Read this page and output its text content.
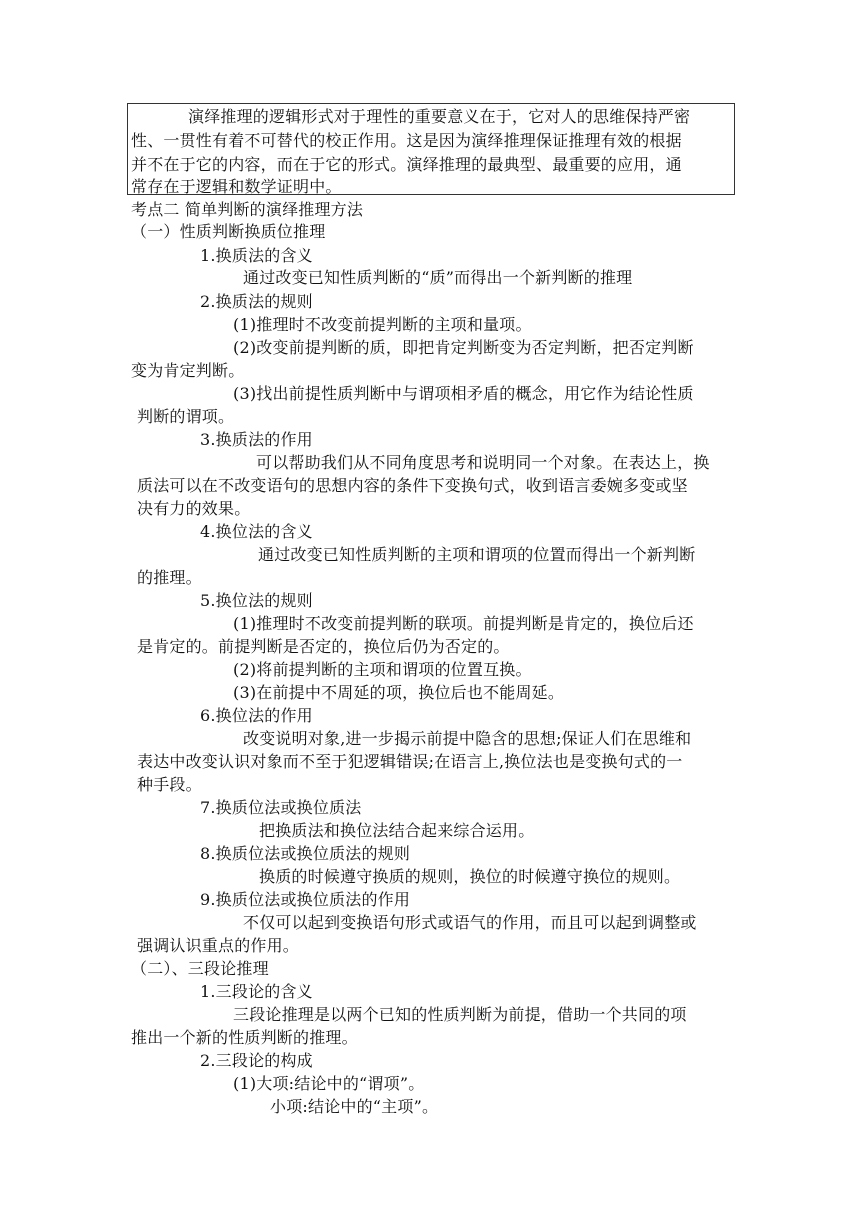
演绎推理的逻辑形式对于理性的重要意义在于，它对人的思维保持严密
性、一贯性有着不可替代的校正作用。这是因为演绎推理保证推理有效的根据
并不在于它的内容，而在于它的形式。演绎推理的最典型、最重要的应用，通
常存在于逻辑和数学证明中。
考点二 简单判断的演绎推理方法
（一）性质判断换质位推理
1.换质法的含义
通过改变已知性质判断的“质”而得出一个新判断的推理
2.换质法的规则
(1)推理时不改变前提判断的主项和量项。
(2)改变前提判断的质，即把肯定判断变为否定判断，把否定判断
变为肯定判断。
(3)找出前提性质判断中与谓项相矛盾的概念，用它作为结论性质
判断的谓项。
3.换质法的作用
可以帮助我们从不同角度思考和说明同一个对象。在表达上，换
质法可以在不改变语句的思想内容的条件下变换句式，收到语言委婉多变或坚
决有力的效果。
4.换位法的含义
通过改变已知性质判断的主项和谓项的位置而得出一个新判断
的推理。
5.换位法的规则
(1)推理时不改变前提判断的联项。前提判断是肯定的，换位后还
是肯定的。前提判断是否定的，换位后仍为否定的。
(2)将前提判断的主项和谓项的位置互换。
(3)在前提中不周延的项，换位后也不能周延。
6.换位法的作用
改变说明对象,进一步揭示前提中隐含的思想;保证人们在思维和
表达中改变认识对象而不至于犯逻辑错误;在语言上,换位法也是变换句式的一
种手段。
7.换质位法或换位质法
把换质法和换位法结合起来综合运用。
8.换质位法或换位质法的规则
换质的时候遵守换质的规则，换位的时候遵守换位的规则。
9.换质位法或换位质法的作用
不仅可以起到变换语句形式或语气的作用，而且可以起到调整或
强调认识重点的作用。
（二）、三段论推理
1.三段论的含义
三段论推理是以两个已知的性质判断为前提，借助一个共同的项
推出一个新的性质判断的推理。
2.三段论的构成
(1)大项:结论中的“谓项”。
小项:结论中的“主项”。
